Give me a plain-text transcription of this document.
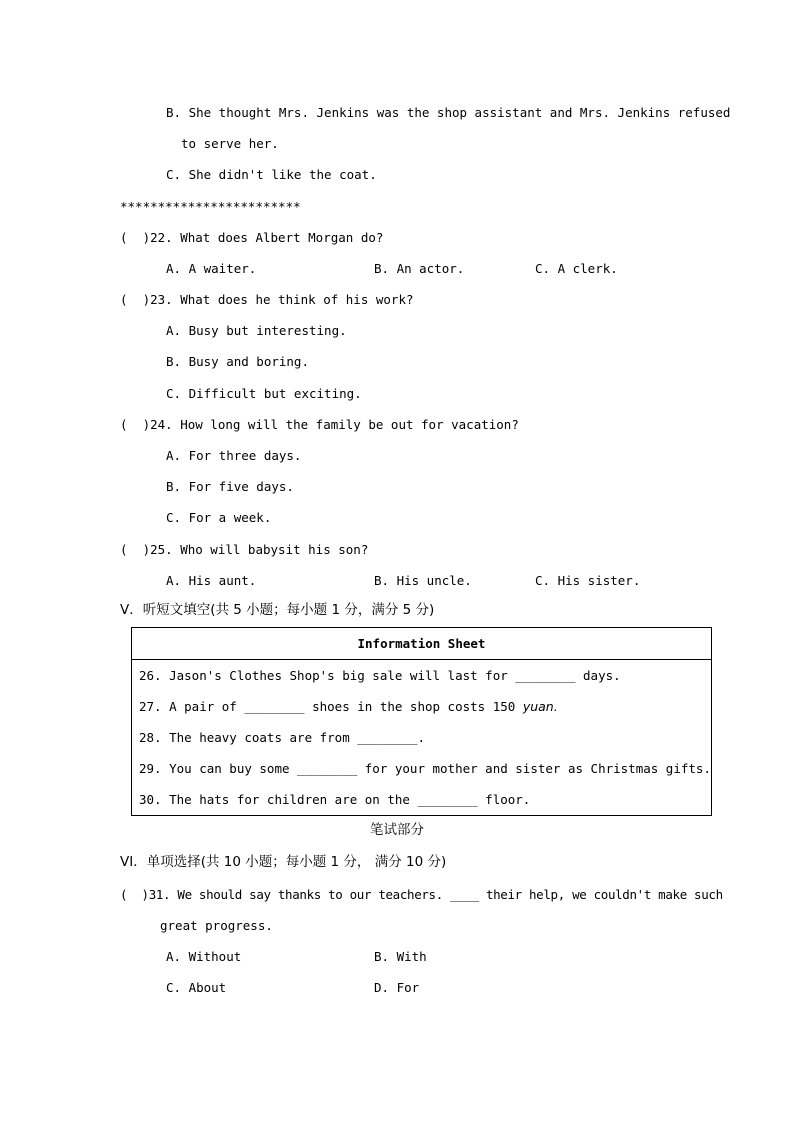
B. She thought Mrs. Jenkins was the shop assistant and Mrs. Jenkins refused
to serve her.
C. She didn't like the coat.
************************
(  )22. What does Albert Morgan do?
A. A waiter.	B. An actor.	C. A clerk.
(  )23. What does he think of his work?
A. Busy but interesting.
B. Busy and boring.
C. Difficult but exciting.
(  )24. How long will the family be out for vacation?
A. For three days.
B. For five days.
C. For a week.
(  )25. Who will babysit his son?
A. His aunt.	B. His uncle.	C. His sister.
V．听短文填空(共 5 小题；每小题 1 分，满分 5 分)
Information Sheet
26. Jason's Clothes Shop's big sale will last for ________ days.
27. A pair of ________ shoes in the shop costs 150 yuan.
28. The heavy coats are from ________.
29. You can buy some ________ for your mother and sister as Christmas gifts.
30. The hats for children are on the ________ floor.
笔试部分
VI．单项选择(共 10 小题；每小题 1 分， 满分 10 分)
(  )31. We should say thanks to our teachers. ____ their help, we couldn't make such
great progress.
A. Without	B. With
C. About	D. For
